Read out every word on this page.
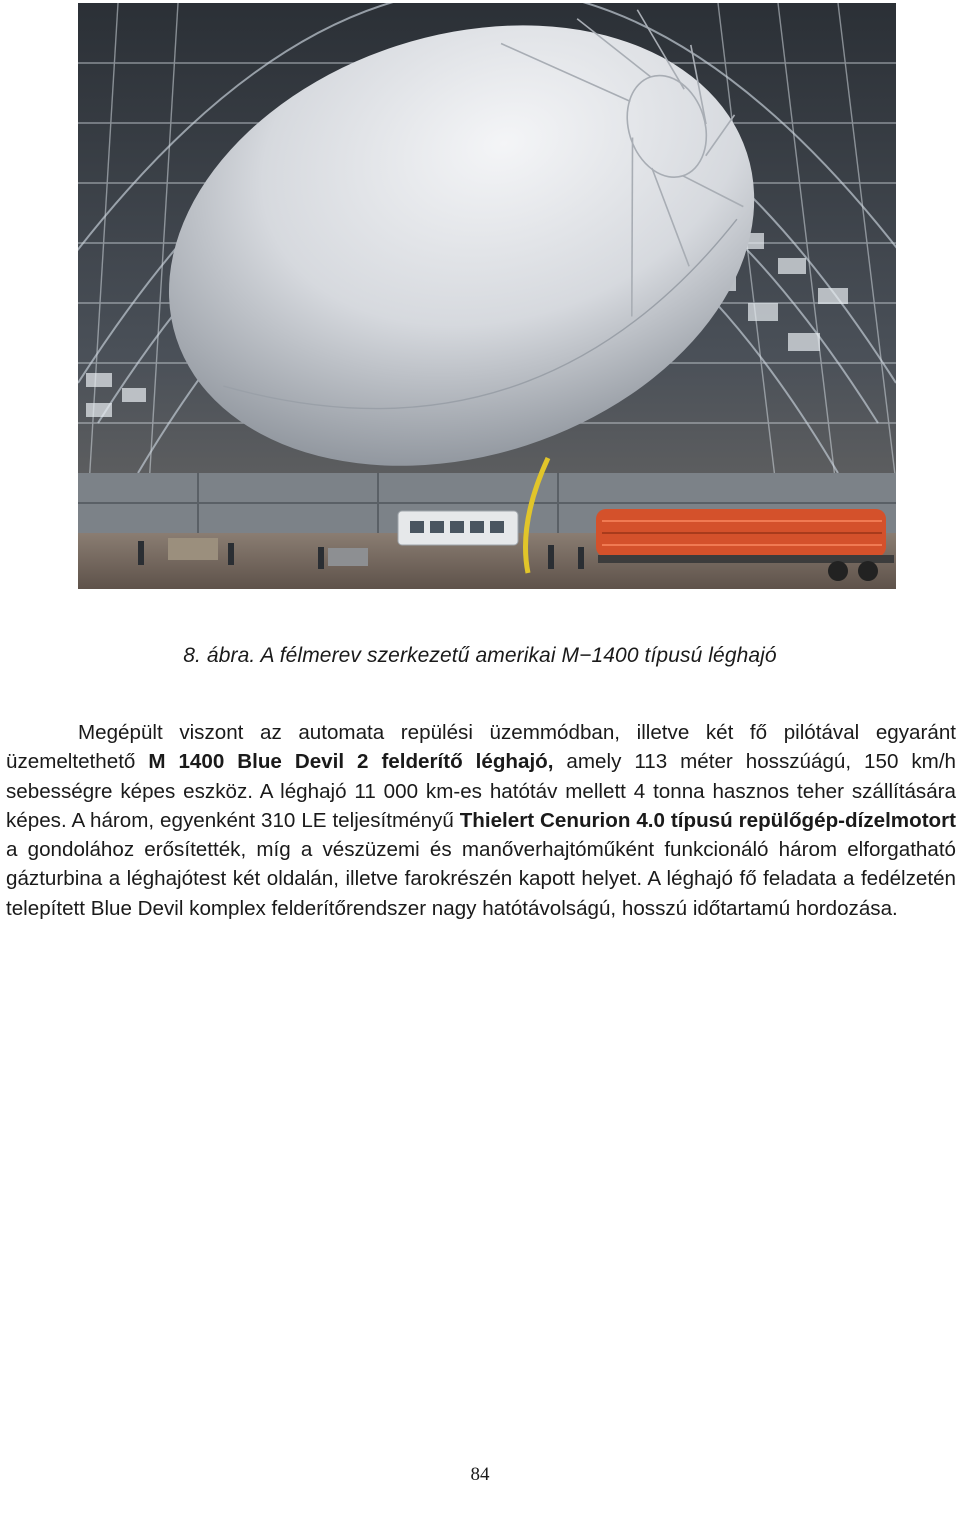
8. ábra. A félmerev szerkezetű amerikai M−1400 típusú léghajó

Megépült viszont az automata repülési üzemmódban, illetve két fő pilótával egyaránt üzemeltethető M 1400 Blue Devil 2 felderítő léghajó, amely 113 méter hosszúágú, 150 km/h sebességre képes eszköz. A léghajó 11 000 km-es hatótáv mellett 4 tonna hasznos teher szállítására képes. A három, egyenként 310 LE teljesítményű Thielert Cenurion 4.0 típusú repülőgép-dízelmotort a gondolához erősítették, míg a vészüzemi és manőverhajtóműként funkcionáló három elforgatható gázturbina a léghajótest két oldalán, illetve farokrészén kapott helyet. A léghajó fő feladata a fedélzetén telepített Blue Devil komplex felderítőrendszer nagy hatótávolságú, hosszú időtartamú hordozása.

84
